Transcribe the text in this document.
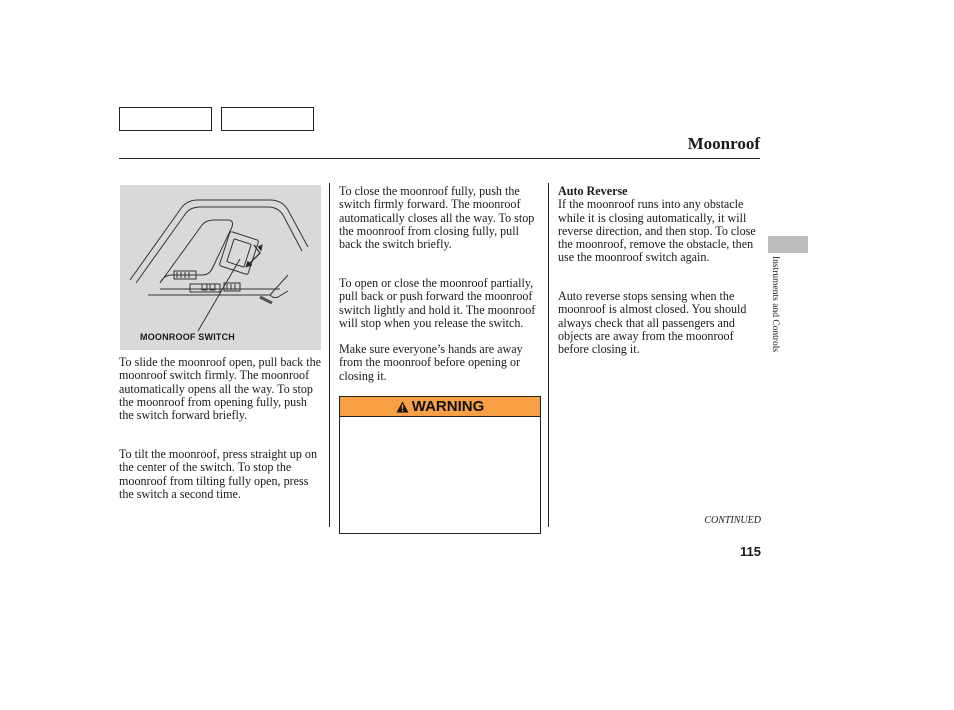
Moonroof
MOONROOF SWITCH

To slide the moonroof open, pull back the moonroof switch firmly. The moonroof automatically opens all the way. To stop the moonroof from opening fully, push the switch forward briefly.

To tilt the moonroof, press straight up on the center of the switch. To stop the moonroof from tilting fully open, press the switch a second time.

To close the moonroof fully, push the switch firmly forward. The moonroof automatically closes all the way. To stop the moonroof from closing fully, pull back the switch briefly.

To open or close the moonroof partially, pull back or push forward the moonroof switch lightly and hold it. The moonroof will stop when you release the switch.

Make sure everyone’s hands are away from the moonroof before opening or closing it.

WARNING

Auto Reverse
If the moonroof runs into any obstacle while it is closing automatically, it will reverse direction, and then stop. To close the moonroof, remove the obstacle, then use the moonroof switch again.

Auto reverse stops sensing when the moonroof is almost closed. You should always check that all passengers and objects are away from the moonroof before closing it.

CONTINUED
115
Instruments and Controls
